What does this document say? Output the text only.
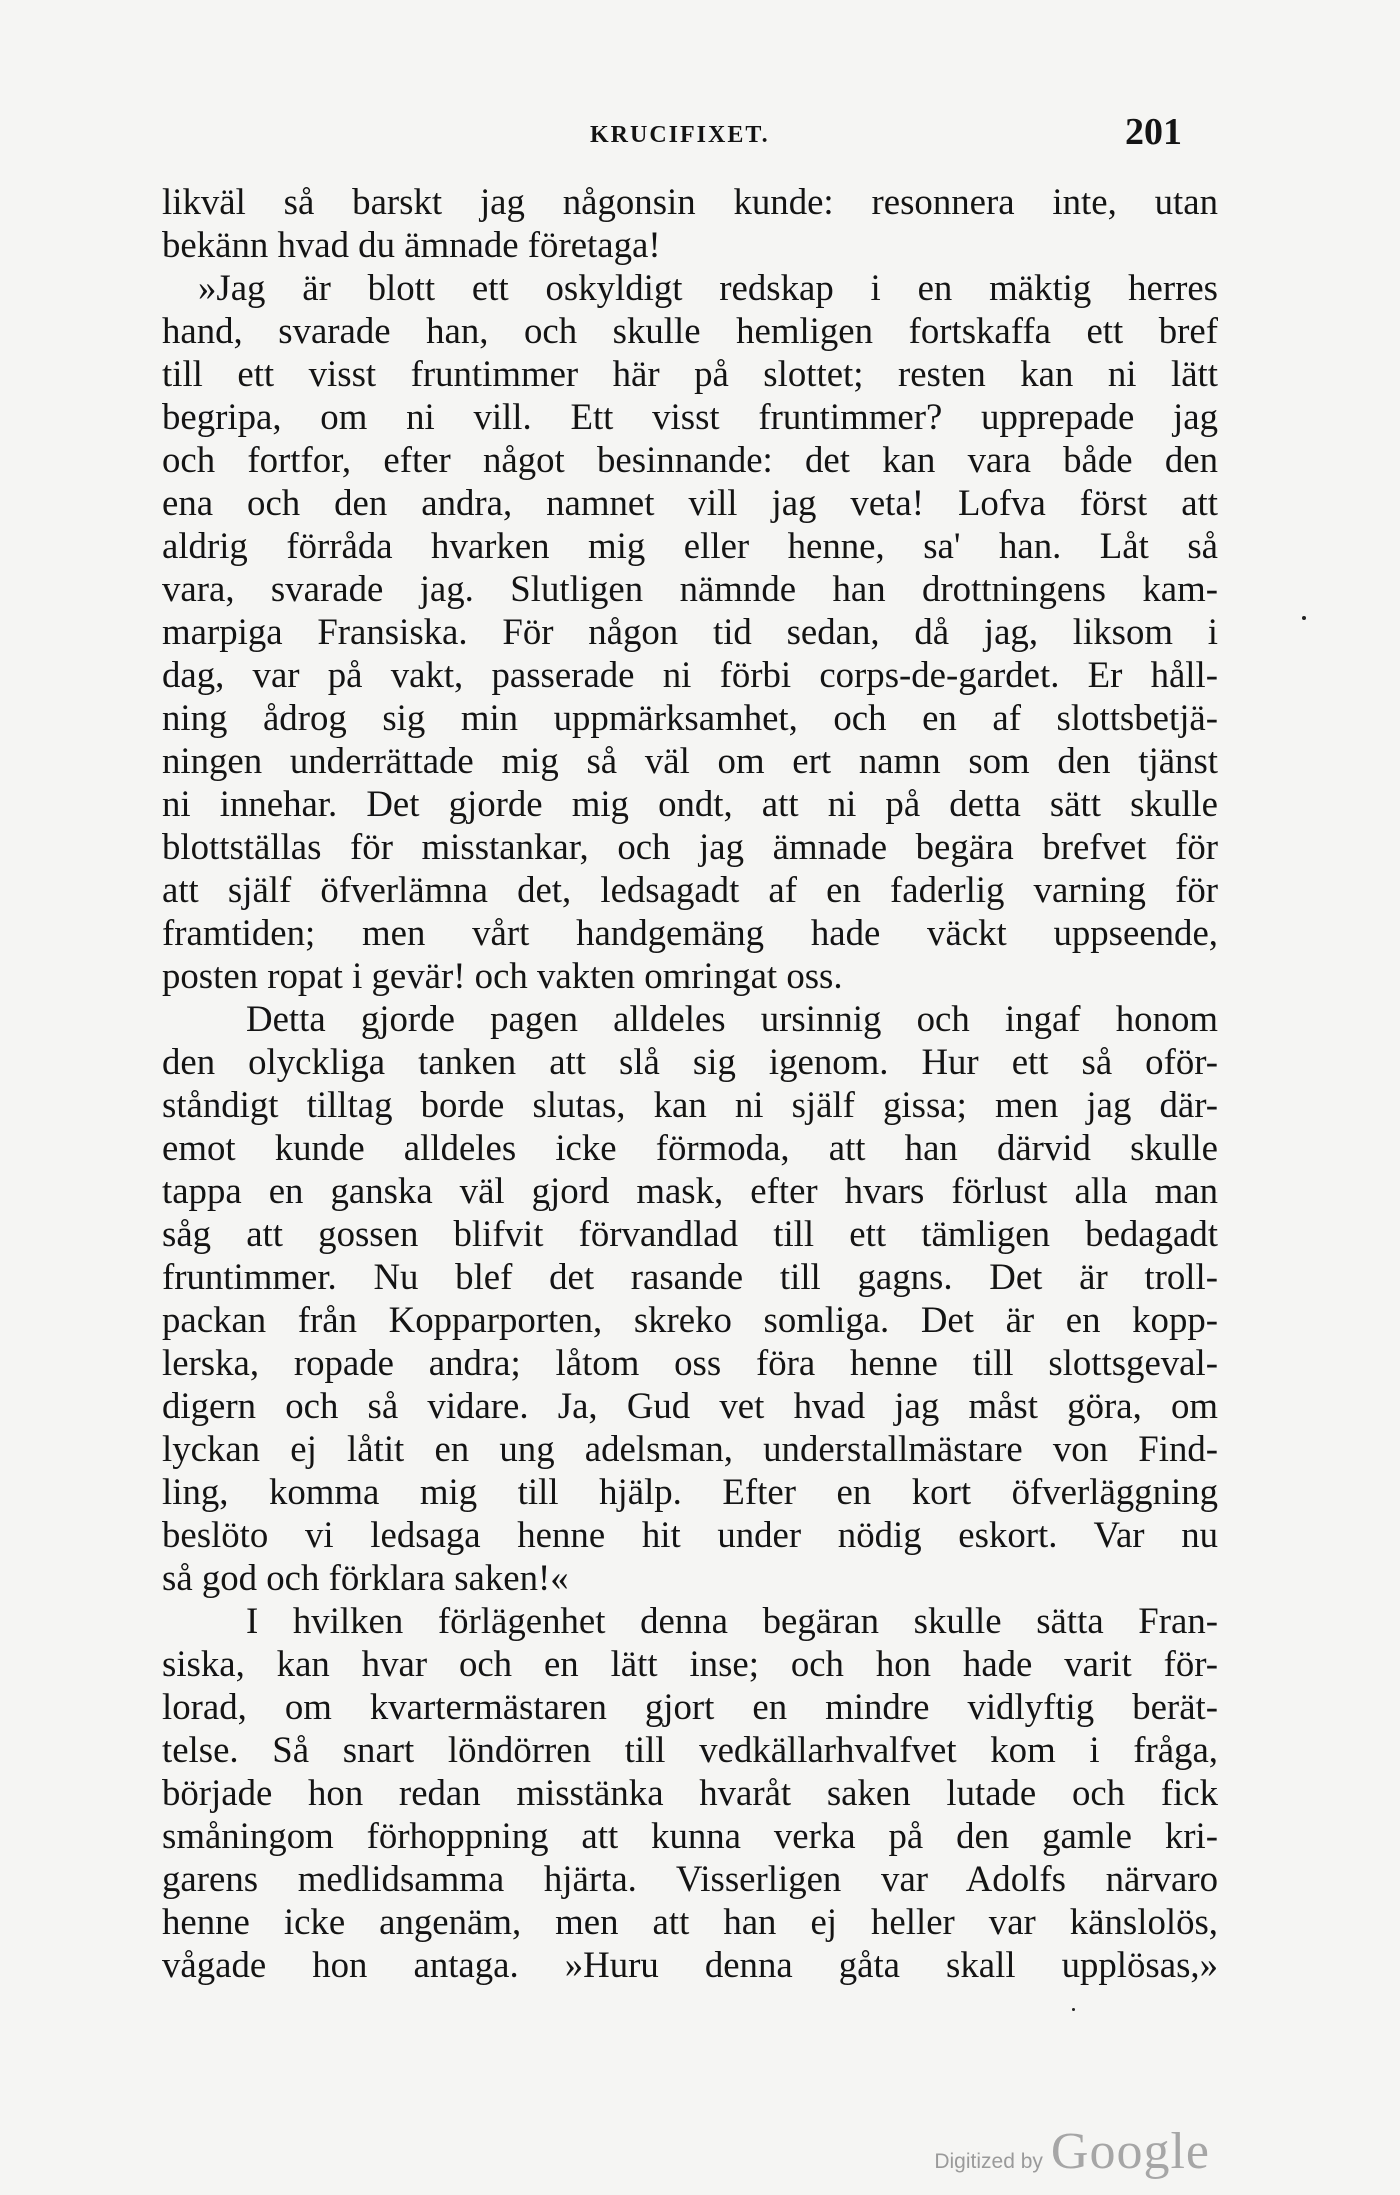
KRUCIFIXET.	201
likväl så barskt jag någonsin kunde: resonnera inte, utan
bekänn hvad du ämnade företaga!
»Jag är blott ett oskyldigt redskap i en mäktig herres
hand, svarade han, och skulle hemligen fortskaffa ett bref
till ett visst fruntimmer här på slottet; resten kan ni lätt
begripa, om ni vill. Ett visst fruntimmer? upprepade jag
och fortfor, efter något besinnande: det kan vara både den
ena och den andra, namnet vill jag veta! Lofva först att
aldrig förråda hvarken mig eller henne, sa' han. Låt så
vara, svarade jag. Slutligen nämnde han drottningens kam-
marpiga Fransiska. För någon tid sedan, då jag, liksom i
dag, var på vakt, passerade ni förbi corps-de-gardet. Er håll-
ning ådrog sig min uppmärksamhet, och en af slottsbetjä-
ningen underrättade mig så väl om ert namn som den tjänst
ni innehar. Det gjorde mig ondt, att ni på detta sätt skulle
blottställas för misstankar, och jag ämnade begära brefvet för
att själf öfverlämna det, ledsagadt af en faderlig varning för
framtiden; men vårt handgemäng hade väckt uppseende,
posten ropat i gevär! och vakten omringat oss.
Detta gjorde pagen alldeles ursinnig och ingaf honom
den olyckliga tanken att slå sig igenom. Hur ett så oför-
ståndigt tilltag borde slutas, kan ni själf gissa; men jag där-
emot kunde alldeles icke förmoda, att han därvid skulle
tappa en ganska väl gjord mask, efter hvars förlust alla man
såg att gossen blifvit förvandlad till ett tämligen bedagadt
fruntimmer. Nu blef det rasande till gagns. Det är troll-
packan från Kopparporten, skreko somliga. Det är en kopp-
lerska, ropade andra; låtom oss föra henne till slottsgeval-
digern och så vidare. Ja, Gud vet hvad jag måst göra, om
lyckan ej låtit en ung adelsman, understallmästare von Find-
ling, komma mig till hjälp. Efter en kort öfverläggning
beslöto vi ledsaga henne hit under nödig eskort. Var nu
så god och förklara saken!«
I hvilken förlägenhet denna begäran skulle sätta Fran-
siska, kan hvar och en lätt inse; och hon hade varit för-
lorad, om kvartermästaren gjort en mindre vidlyftig berät-
telse. Så snart löndörren till vedkällarhvalfvet kom i fråga,
började hon redan misstänka hvaråt saken lutade och fick
småningom förhoppning att kunna verka på den gamle kri-
garens medlidsamma hjärta. Visserligen var Adolfs närvaro
henne icke angenäm, men att han ej heller var känslolös,
vågade hon antaga. »Huru denna gåta skall upplösas,»
Digitized by Google
